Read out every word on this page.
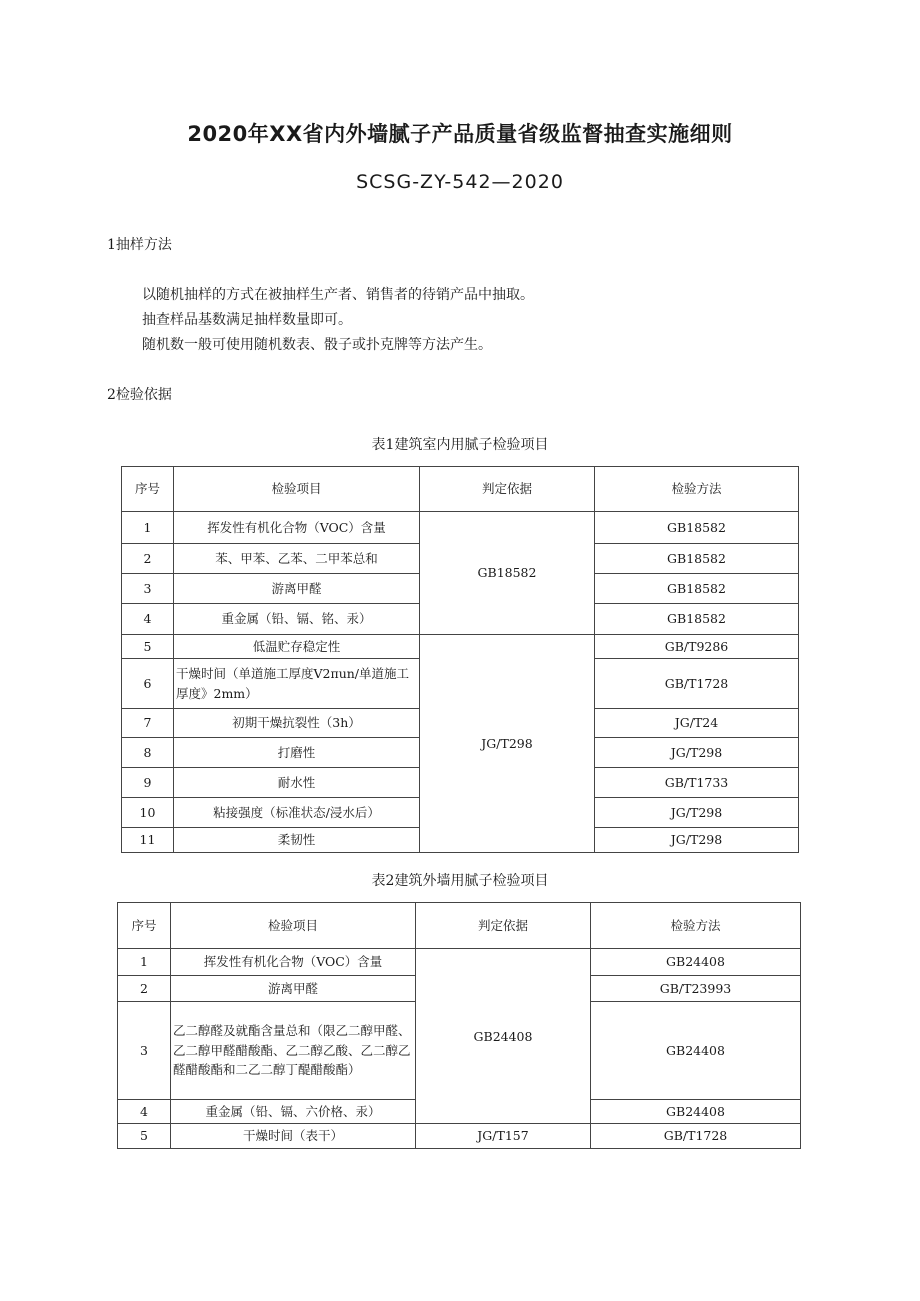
2020年XX省内外墙腻子产品质量省级监督抽查实施细则
SCSG-ZY-542—2020
1抽样方法
以随机抽样的方式在被抽样生产者、销售者的待销产品中抽取。
抽查样品基数满足抽样数量即可。
随机数一般可使用随机数表、骰子或扑克牌等方法产生。
2检验依据
表1建筑室内用腻子检验项目
序号	检验项目	判定依据	检验方法
1	挥发性有机化合物（VOC）含量	GB18582	GB18582
2	苯、甲苯、乙苯、二甲苯总和		GB18582
3	游离甲醛		GB18582
4	重金属（铅、镉、铭、汞）		GB18582
5	低温贮存稳定性	JG/T298	GB/T9286
6	干燥时间（单道施工厚度V2πun/单道施工厚度》2mm）		GB/T1728
7	初期干燥抗裂性（3h）		JG/T24
8	打磨性		JG/T298
9	耐水性		GB/T1733
10	粘接强度（标准状态/浸水后）		JG/T298
11	柔韧性		JG/T298
表2建筑外墙用腻子检验项目
序号	检验项目	判定依据	检验方法
1	挥发性有机化合物（VOC）含量	GB24408	GB24408
2	游离甲醛		GB/T23993
3	乙二醇醛及就酯含量总和（限乙二醇甲醛、乙二醇甲醛醋酸酯、乙二醇乙酸、乙二醇乙醛醋酸酯和二乙二醇丁醍醋酸酯）		GB24408
4	重金属（铅、镉、六价格、汞）		GB24408
5	干燥时间（表干）	JG/T157	GB/T1728
